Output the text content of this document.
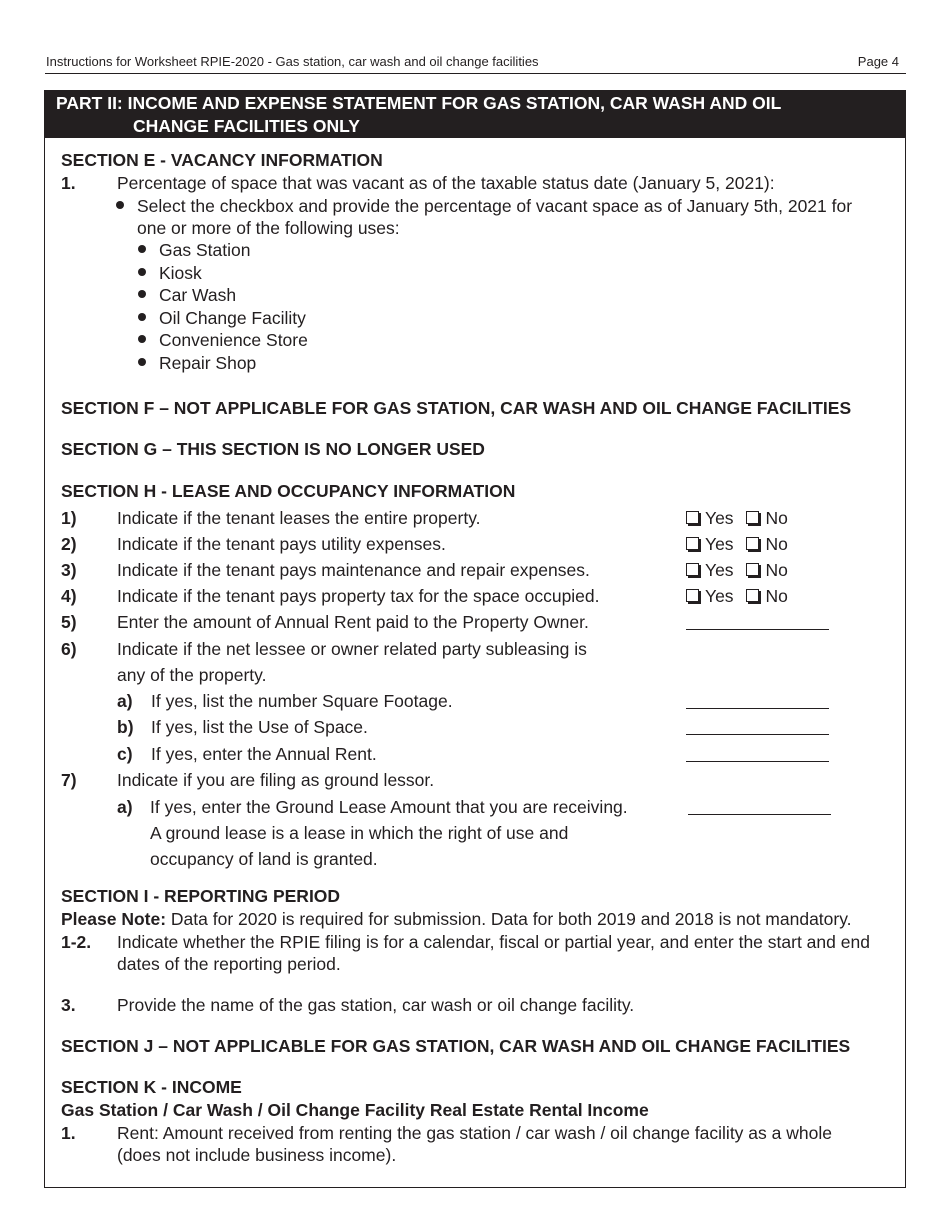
Instructions for Worksheet RPIE-2020 - Gas station, car wash and oil change facilities	Page 4
PART II: INCOME AND EXPENSE STATEMENT FOR GAS STATION, CAR WASH AND OIL
CHANGE FACILITIES ONLY
SECTION E - VACANCY INFORMATION
1. Percentage of space that was vacant as of the taxable status date (January 5, 2021):
Select the checkbox and provide the percentage of vacant space as of January 5th, 2021 for
one or more of the following uses:
Gas Station
Kiosk
Car Wash
Oil Change Facility
Convenience Store
Repair Shop
SECTION F – NOT APPLICABLE FOR GAS STATION, CAR WASH AND OIL CHANGE FACILITIES
SECTION G – THIS SECTION IS NO LONGER USED
SECTION H - LEASE AND OCCUPANCY INFORMATION
1) Indicate if the tenant leases the entire property.	Yes No
2) Indicate if the tenant pays utility expenses.	Yes No
3) Indicate if the tenant pays maintenance and repair expenses.	Yes No
4) Indicate if the tenant pays property tax for the space occupied.	Yes No
5) Enter the amount of Annual Rent paid to the Property Owner.
6) Indicate if the net lessee or owner related party subleasing is
any of the property.
a) If yes, list the number Square Footage.
b) If yes, list the Use of Space.
c) If yes, enter the Annual Rent.
7) Indicate if you are filing as ground lessor.
a) If yes, enter the Ground Lease Amount that you are receiving.
A ground lease is a lease in which the right of use and
occupancy of land is granted.
SECTION I - REPORTING PERIOD
Please Note: Data for 2020 is required for submission. Data for both 2019 and 2018 is not mandatory.
1-2. Indicate whether the RPIE filing is for a calendar, fiscal or partial year, and enter the start and end
dates of the reporting period.
3. Provide the name of the gas station, car wash or oil change facility.
SECTION J – NOT APPLICABLE FOR GAS STATION, CAR WASH AND OIL CHANGE FACILITIES
SECTION K - INCOME
Gas Station / Car Wash / Oil Change Facility Real Estate Rental Income
1. Rent: Amount received from renting the gas station / car wash / oil change facility as a whole
(does not include business income).
